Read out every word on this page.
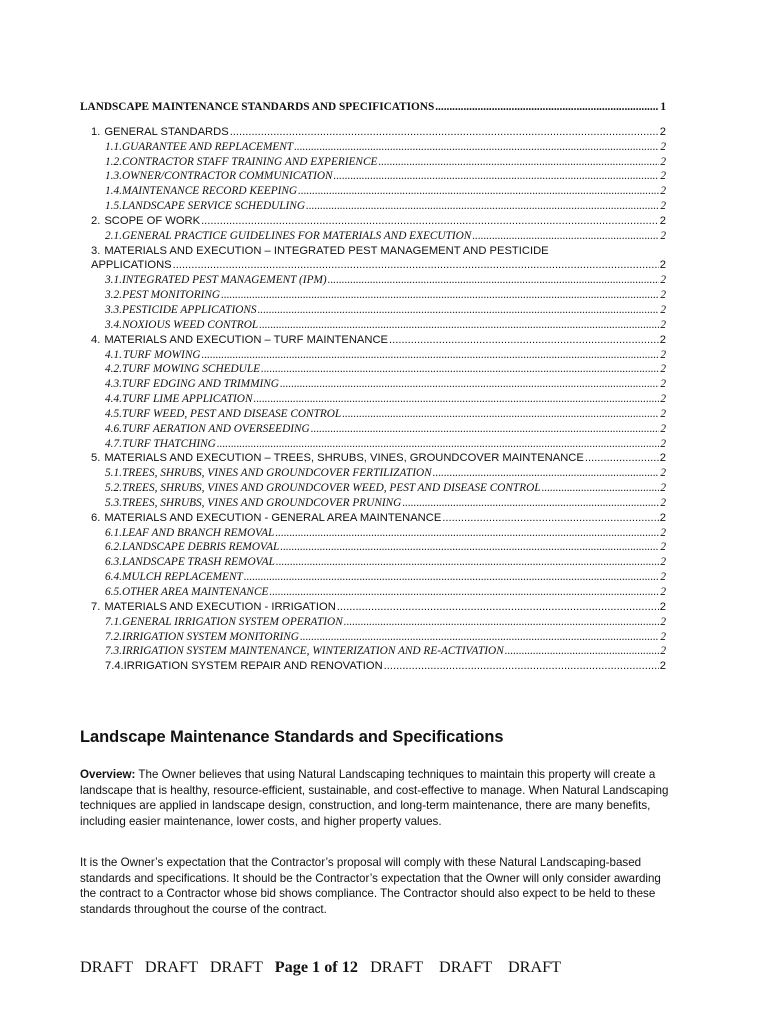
LANDSCAPE MAINTENANCE STANDARDS AND SPECIFICATIONS .....	1
1. GENERAL STANDARDS .....	2
1.1. GUARANTEE AND REPLACEMENT .....	2
1.2. CONTRACTOR STAFF TRAINING AND EXPERIENCE .....	2
1.3. OWNER/CONTRACTOR COMMUNICATION .....	2
1.4. MAINTENANCE RECORD KEEPING .....	2
1.5. LANDSCAPE SERVICE SCHEDULING .....	2
2. SCOPE OF WORK .....	2
2.1. GENERAL PRACTICE GUIDELINES FOR MATERIALS AND EXECUTION .....	2
3. MATERIALS AND EXECUTION – INTEGRATED PEST MANAGEMENT AND PESTICIDE
APPLICATIONS .....	2
3.1. INTEGRATED PEST MANAGEMENT (IPM) .....	2
3.2. PEST MONITORING .....	2
3.3. PESTICIDE APPLICATIONS .....	2
3.4. NOXIOUS WEED CONTROL .....	2
4. MATERIALS AND EXECUTION – TURF MAINTENANCE .....	2
4.1. TURF MOWING .....	2
4.2. TURF MOWING SCHEDULE .....	2
4.3. TURF EDGING AND TRIMMING .....	2
4.4. TURF LIME APPLICATION .....	2
4.5. TURF WEED, PEST AND DISEASE CONTROL .....	2
4.6. TURF AERATION AND OVERSEEDING .....	2
4.7. TURF THATCHING .....	2
5. MATERIALS AND EXECUTION – TREES, SHRUBS, VINES, GROUNDCOVER MAINTENANCE .....	2
5.1. TREES, SHRUBS, VINES AND GROUNDCOVER FERTILIZATION .....	2
5.2. TREES, SHRUBS, VINES AND GROUNDCOVER WEED, PEST AND DISEASE CONTROL .....	2
5.3. TREES, SHRUBS, VINES AND GROUNDCOVER PRUNING .....	2
6. MATERIALS AND EXECUTION - GENERAL AREA MAINTENANCE .....	2
6.1. LEAF AND BRANCH REMOVAL .....	2
6.2. LANDSCAPE DEBRIS REMOVAL .....	2
6.3. LANDSCAPE TRASH REMOVAL .....	2
6.4. MULCH REPLACEMENT .....	2
6.5. OTHER AREA MAINTENANCE .....	2
7. MATERIALS AND EXECUTION - IRRIGATION .....	2
7.1. GENERAL IRRIGATION SYSTEM OPERATION .....	2
7.2. IRRIGATION SYSTEM MONITORING .....	2
7.3. IRRIGATION SYSTEM MAINTENANCE, WINTERIZATION AND RE-ACTIVATION .....	2
7.4. IRRIGATION SYSTEM REPAIR AND RENOVATION .....	2
Landscape Maintenance Standards and Specifications

Overview: The Owner believes that using Natural Landscaping techniques to maintain this property will create a landscape that is healthy, resource-efficient, sustainable, and cost-effective to manage. When Natural Landscaping techniques are applied in landscape design, construction, and long-term maintenance, there are many benefits, including easier maintenance, lower costs, and higher property values.

It is the Owner’s expectation that the Contractor’s proposal will comply with these Natural Landscaping-based standards and specifications. It should be the Contractor’s expectation that the Owner will only consider awarding the contract to a Contractor whose bid shows compliance. The Contractor should also expect to be held to these standards throughout the course of the contract.

DRAFT   DRAFT   DRAFT   Page 1 of 12   DRAFT    DRAFT    DRAFT
